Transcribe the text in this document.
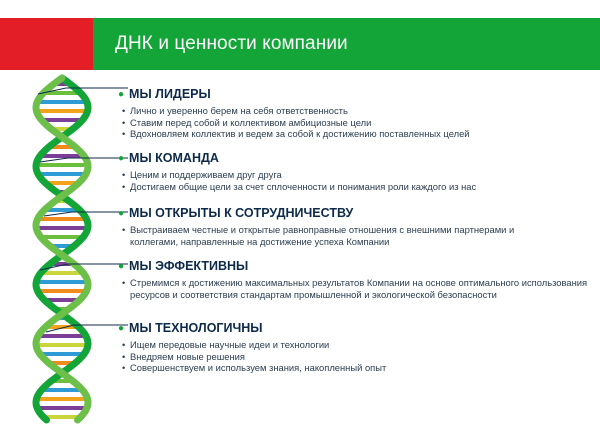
ДНК и ценности компании
● МЫ ЛИДЕРЫ
• Лично и уверенно берем на себя ответственность
• Ставим перед собой и коллективом амбициозные цели
• Вдохновляем коллектив и ведем за собой к достижению поставленных целей
● МЫ КОМАНДА
• Ценим и поддерживаем друг друга
• Достигаем общие цели за счет сплоченности и понимания роли каждого из нас
● МЫ ОТКРЫТЫ К СОТРУДНИЧЕСТВУ
• Выстраиваем честные и открытые равноправные отношения с внешними партнерами и коллегами, направленные на достижение успеха Компании
● МЫ ЭФФЕКТИВНЫ
• Стремимся к достижению максимальных результатов Компании на основе оптимального использования ресурсов и соответствия стандартам промышленной и экологической безопасности
● МЫ ТЕХНОЛОГИЧНЫ
• Ищем передовые научные идеи и технологии
• Внедряем новые решения
• Совершенствуем и используем знания, накопленный опыт
